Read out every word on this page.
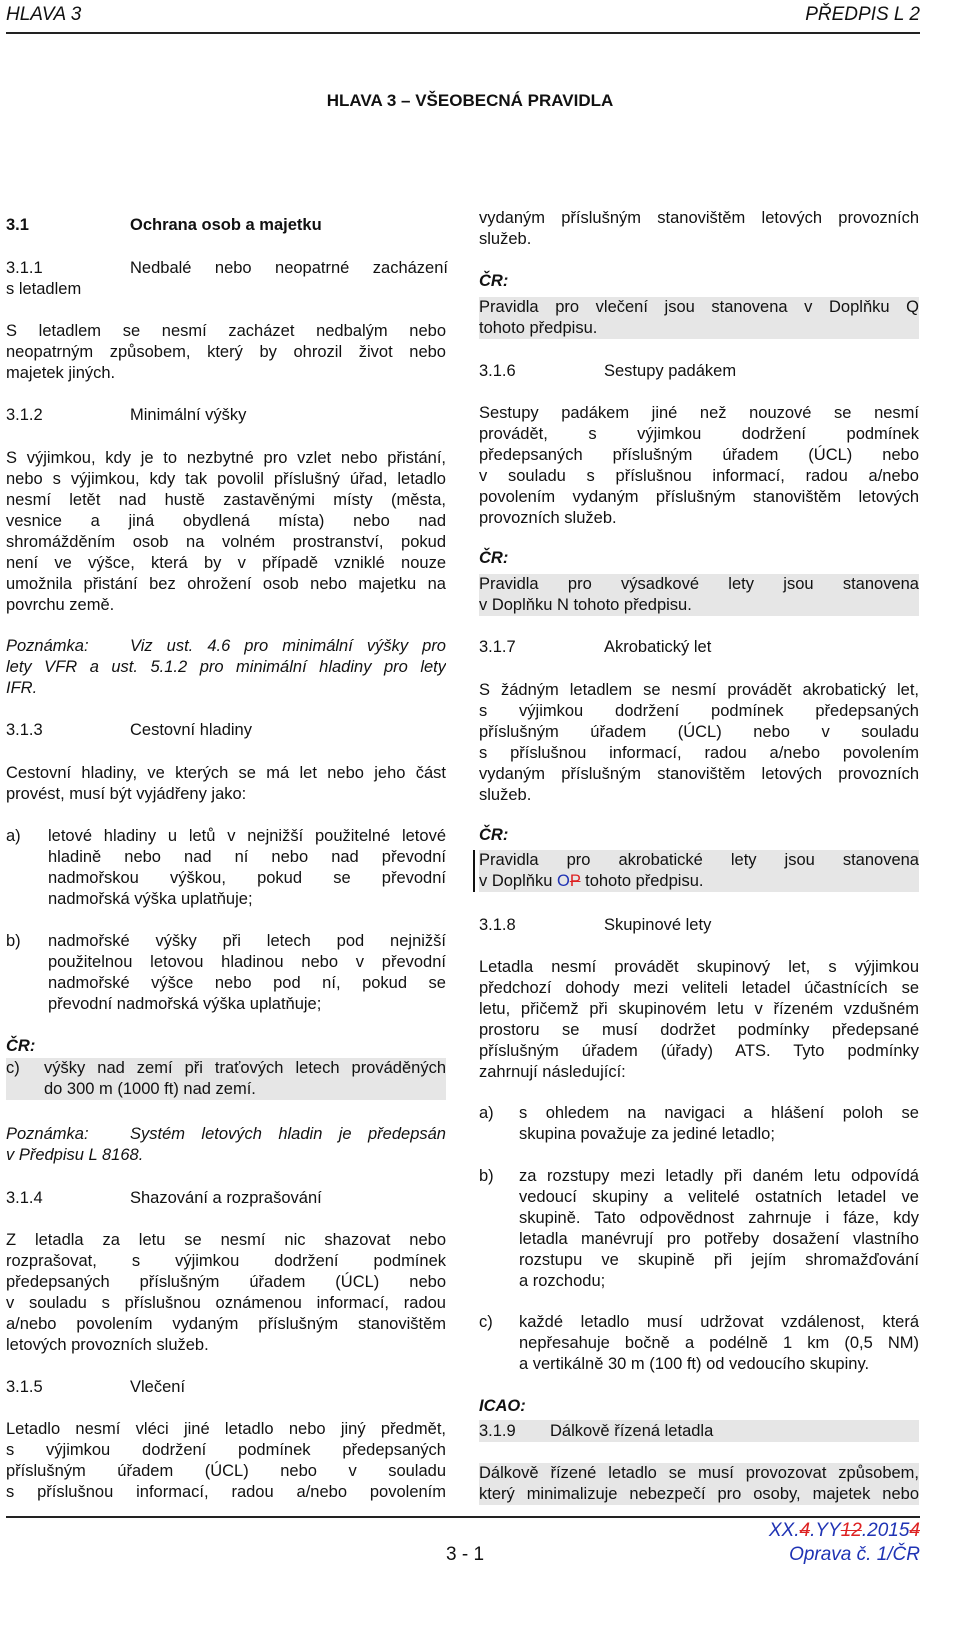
HLAVA 3	PŘEDPIS L 2
HLAVA 3 – VŠEOBECNÁ PRAVIDLA
3.1	Ochrana osob a majetku
3.1.1	Nedbalé nebo neopatrné zacházení
s letadlem
S letadlem se nesmí zacházet nedbalým nebo
neopatrným způsobem, který by ohrozil život nebo
majetek jiných.
3.1.2	Minimální výšky
S výjimkou, kdy je to nezbytné pro vzlet nebo přistání,
nebo s výjimkou, kdy tak povolil příslušný úřad, letadlo
nesmí letět nad hustě zastavěnými místy (města,
vesnice a jiná obydlená místa) nebo nad
shromážděním osob na volném prostranství, pokud
není ve výšce, která by v případě vzniklé nouze
umožnila přistání bez ohrožení osob nebo majetku na
povrchu země.
Poznámka:	Viz ust. 4.6 pro minimální výšky pro
lety VFR a ust. 5.1.2 pro minimální hladiny pro lety
IFR.
3.1.3	Cestovní hladiny
Cestovní hladiny, ve kterých se má let nebo jeho část
provést, musí být vyjádřeny jako:
a) letové hladiny u letů v nejnižší použitelné letové
hladině nebo nad ní nebo nad převodní
nadmořskou výškou, pokud se převodní
nadmořská výška uplatňuje;
b) nadmořské výšky při letech pod nejnižší
použitelnou letovou hladinou nebo v převodní
nadmořské výšce nebo pod ní, pokud se
převodní nadmořská výška uplatňuje;
ČR:
c) výšky nad zemí při traťových letech prováděných
do 300 m (1000 ft) nad zemí.
Poznámka:	Systém letových hladin je předepsán
v Předpisu L 8168.
3.1.4	Shazování a rozprašování
Z letadla za letu se nesmí nic shazovat nebo
rozprašovat, s výjimkou dodržení podmínek
předepsaných příslušným úřadem (ÚCL) nebo
v souladu s příslušnou oznámenou informací, radou
a/nebo povolením vydaným příslušným stanovištěm
letových provozních služeb.
3.1.5	Vlečení
Letadlo nesmí vléci jiné letadlo nebo jiný předmět,
s výjimkou dodržení podmínek předepsaných
příslušným úřadem (ÚCL) nebo v souladu
s příslušnou informací, radou a/nebo povolením
vydaným příslušným stanovištěm letových provozních
služeb.
ČR:
Pravidla pro vlečení jsou stanovena v Doplňku Q
tohoto předpisu.
3.1.6	Sestupy padákem
Sestupy padákem jiné než nouzové se nesmí
provádět, s výjimkou dodržení podmínek
předepsaných příslušným úřadem (ÚCL) nebo
v souladu s příslušnou informací, radou a/nebo
povolením vydaným příslušným stanovištěm letových
provozních služeb.
ČR:
Pravidla pro výsadkové lety jsou stanovena
v Doplňku N tohoto předpisu.
3.1.7	Akrobatický let
S žádným letadlem se nesmí provádět akrobatický let,
s výjimkou dodržení podmínek předepsaných
příslušným úřadem (ÚCL) nebo v souladu
s příslušnou informací, radou a/nebo povolením
vydaným příslušným stanovištěm letových provozních
služeb.
ČR:
Pravidla pro akrobatické lety jsou stanovena
v Doplňku OP tohoto předpisu.
3.1.8	Skupinové lety
Letadla nesmí provádět skupinový let, s výjimkou
předchozí dohody mezi veliteli letadel účastnících se
letu, přičemž při skupinovém letu v řízeném vzdušném
prostoru se musí dodržet podmínky předepsané
příslušným úřadem (úřady) ATS. Tyto podmínky
zahrnují následující:
a) s ohledem na navigaci a hlášení poloh se
skupina považuje za jediné letadlo;
b) za rozstupy mezi letadly při daném letu odpovídá
vedoucí skupiny a velitelé ostatních letadel ve
skupině. Tato odpovědnost zahrnuje i fáze, kdy
letadla manévrují pro potřeby dosažení vlastního
rozstupu ve skupině při jejím shromažďování
a rozchodu;
c) každé letadlo musí udržovat vzdálenost, která
nepřesahuje bočně a podélně 1 km (0,5 NM)
a vertikálně 30 m (100 ft) od vedoucího skupiny.
ICAO:
3.1.9 Dálkově řízená letadla
Dálkově řízené letadlo se musí provozovat způsobem,
který minimalizuje nebezpečí pro osoby, majetek nebo
3 - 1
XX.4.YY12.20154
Oprava č. 1/ČR
